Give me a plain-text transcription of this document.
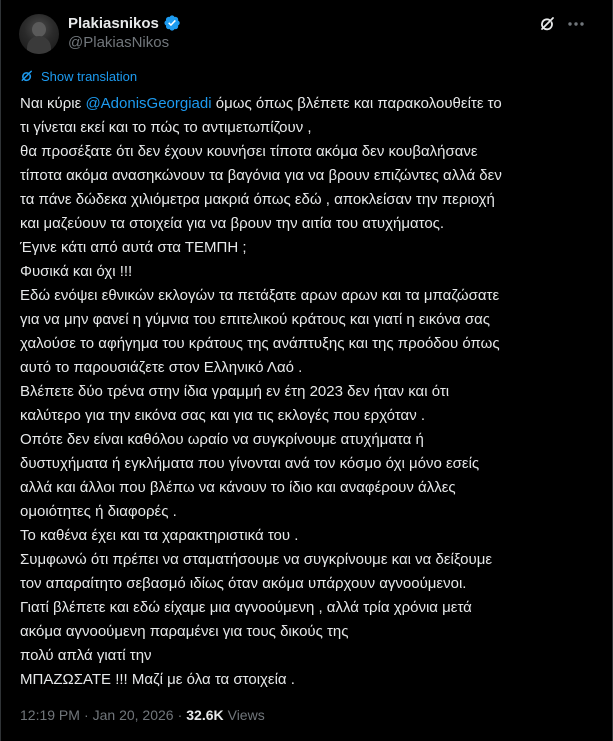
Plakiasnikos
@PlakiasNikos
Show translation
Ναι κύριε @AdonisGeorgiadi όμως όπως βλέπετε και παρακολουθείτε το
τι γίνεται εκεί και το πώς το αντιμετωπίζουν ,
θα προσέξατε ότι δεν έχουν κουνήσει τίποτα ακόμα δεν κουβαλήσανε
τίποτα ακόμα ανασηκώνουν τα βαγόνια για να βρουν επιζώντες αλλά δεν
τα πάνε δώδεκα χιλιόμετρα μακριά όπως εδώ , αποκλείσαν την περιοχή
και μαζεύουν τα στοιχεία για να βρουν την αιτία του ατυχήματος.
Έγινε κάτι από αυτά στα ΤΕΜΠΗ ;
Φυσικά και όχι !!!
Εδώ ενόψει εθνικών εκλογών τα πετάξατε αρων αρων και τα μπαζώσατε
για να μην φανεί η γύμνια του επιτελικού κράτους και γιατί η εικόνα σας
χαλούσε το αφήγημα του κράτους της ανάπτυξης και της προόδου όπως
αυτό το παρουσιάζετε στον Ελληνικό Λαό .
Βλέπετε δύο τρένα στην ίδια γραμμή εν έτη 2023 δεν ήταν και ότι
καλύτερο για την εικόνα σας και για τις εκλογές που ερχόταν .
Οπότε δεν είναι καθόλου ωραίο να συγκρίνουμε ατυχήματα ή
δυστυχήματα ή εγκλήματα που γίνονται ανά τον κόσμο όχι μόνο εσείς
αλλά και άλλοι που βλέπω να κάνουν το ίδιο και αναφέρουν άλλες
ομοιότητες ή διαφορές .
Το καθένα έχει και τα χαρακτηριστικά του .
Συμφωνώ ότι πρέπει να σταματήσουμε να συγκρίνουμε και να δείξουμε
τον απαραίτητο σεβασμό ιδίως όταν ακόμα υπάρχουν αγνοούμενοι.
Γιατί βλέπετε και εδώ είχαμε μια αγνοούμενη , αλλά τρία χρόνια μετά
ακόμα αγνοούμενη παραμένει για τους δικούς της
πολύ απλά γιατί την
ΜΠΑΖΩΣΑΤΕ !!! Μαζί με όλα τα στοιχεία .
12:19 PM · Jan 20, 2026 · 32.6K Views
